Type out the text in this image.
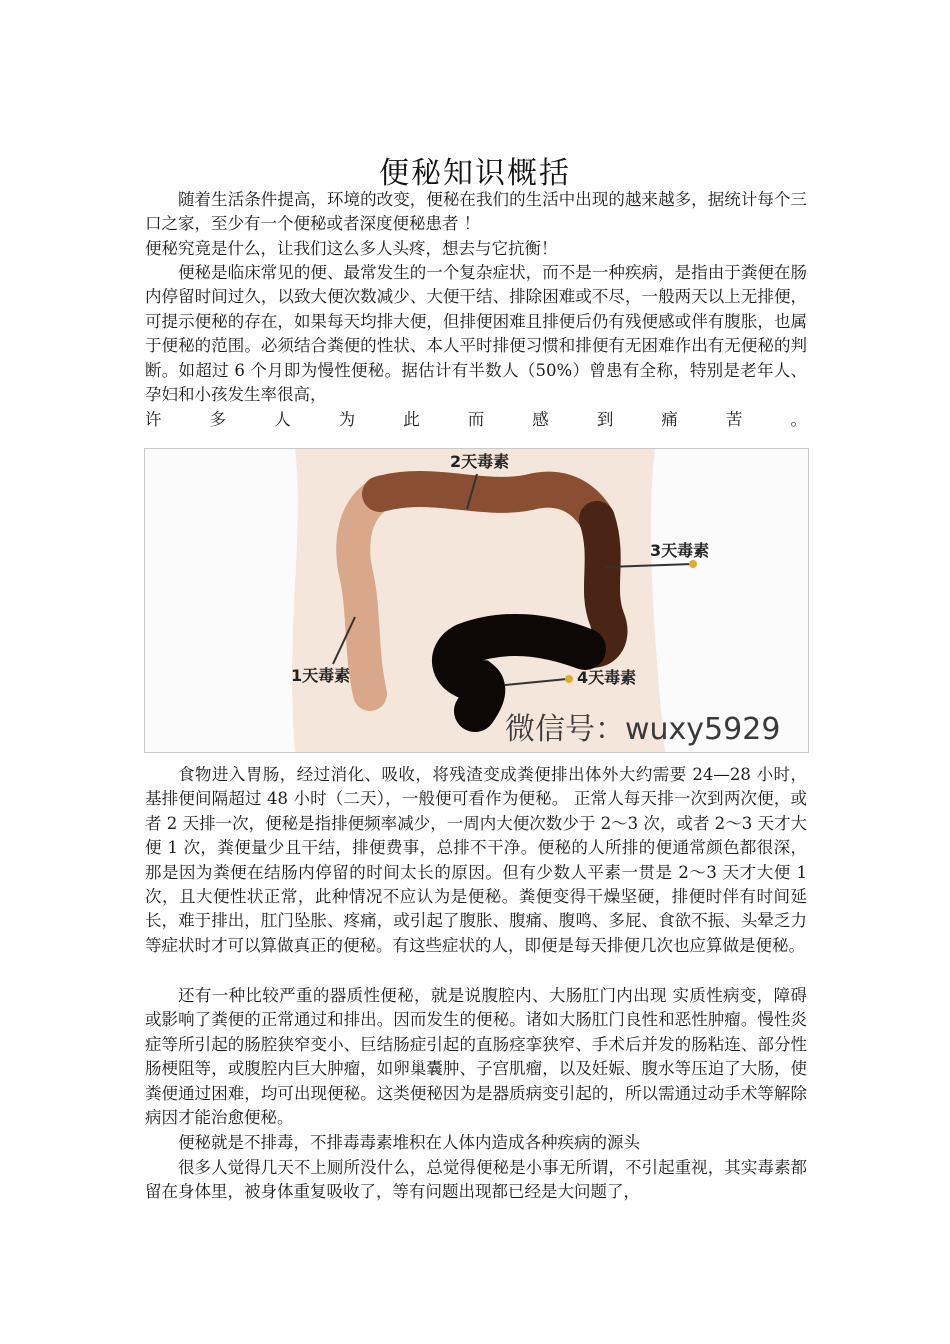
便秘知识概括

随着生活条件提高，环境的改变，便秘在我们的生活中出现的越来越多，据统计每个三口之家，至少有一个便秘或者深度便秘患者 ！

便秘究竟是什么，让我们这么多人头疼，想去与它抗衡！

便秘是临床常见的便、最常发生的一个复杂症状，而不是一种疾病，是指由于粪便在肠内停留时间过久，以致大便次数减少、大便干结、排除困难或不尽，一般两天以上无排便，可提示便秘的存在，如果每天均排大便，但排便困难且排便后仍有残便感或伴有腹胀，也属于便秘的范围。必须结合粪便的性状、本人平时排便习惯和排便有无困难作出有无便秘的判断。如超过 6 个月即为慢性便秘。据估计有半数人（50%）曾患有全称，特别是老年人、孕妇和小孩发生率很高，

许多人为此而感到痛苦。

1天毒素
2天毒素
3天毒素
4天毒素
微信号：wuxy5929

食物进入胃肠，经过消化、吸收，将残渣变成粪便排出体外大约需要 24—28 小时，基排便间隔超过 48 小时（二天），一般便可看作为便秘。 正常人每天排一次到两次便，或者 2 天排一次，便秘是指排便频率减少，一周内大便次数少于 2～3 次，或者 2～3 天才大便 1 次，粪便量少且干结，排便费事，总排不干净。便秘的人所排的便通常颜色都很深，那是因为粪便在结肠内停留的时间太长的原因。但有少数人平素一贯是 2～3 天才大便 1 次，且大便性状正常，此种情况不应认为是便秘。粪便变得干燥坚硬，排便时伴有时间延长，难于排出，肛门坠胀、疼痛，或引起了腹胀、腹痛、腹鸣、多屁、食欲不振、头晕乏力等症状时才可以算做真正的便秘。有这些症状的人，即便是每天排便几次也应算做是便秘。

还有一种比较严重的器质性便秘，就是说腹腔内、大肠肛门内出现 实质性病变，障碍或影响了粪便的正常通过和排出。因而发生的便秘。诸如大肠肛门良性和恶性肿瘤。慢性炎症等所引起的肠腔狭窄变小、巨结肠症引起的直肠痉挛狭窄、手术后并发的肠粘连、部分性肠梗阻等，或腹腔内巨大肿瘤，如卵巢囊肿、子宫肌瘤，以及妊娠、腹水等压迫了大肠，使粪便通过困难，均可出现便秘。这类便秘因为是器质病变引起的，所以需通过动手术等解除病因才能治愈便秘。

便秘就是不排毒，不排毒毒素堆积在人体内造成各种疾病的源头

很多人觉得几天不上厕所没什么，总觉得便秘是小事无所谓，不引起重视，其实毒素都留在身体里，被身体重复吸收了，等有问题出现都已经是大问题了，
